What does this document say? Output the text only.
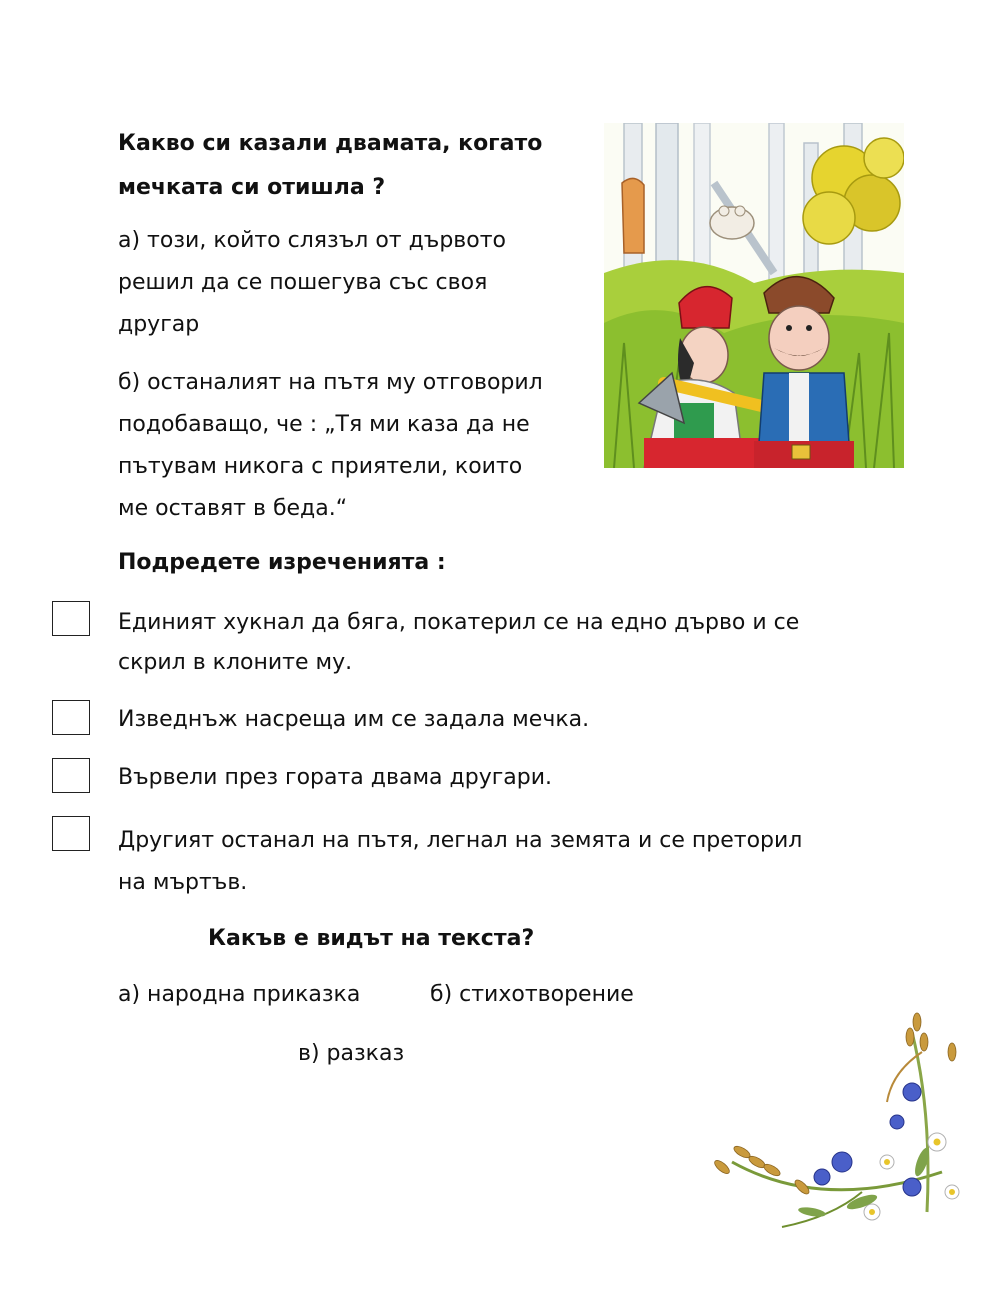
Какво си казали двамата, когато
мечката си отишла ?

а) този, който слязъл от дървото
решил да се пошегува със своя
другар

б) останалият на пътя му отговорил
подобаващо, че : „Тя ми каза да не
пътувам никога с приятели, които
ме оставят в беда.“

Подредете изреченията :

Единият хукнал да бяга, покатерил се на едно дърво и се
скрил в клоните му.

Изведнъж насреща им се задала мечка.

Вървели през гората двама другари.

Другият останал на пътя, легнал на земята и се преторил
на мъртъв.

Какъв е видът на текста?

а) народна приказка	б) стихотворение

в) разказ
